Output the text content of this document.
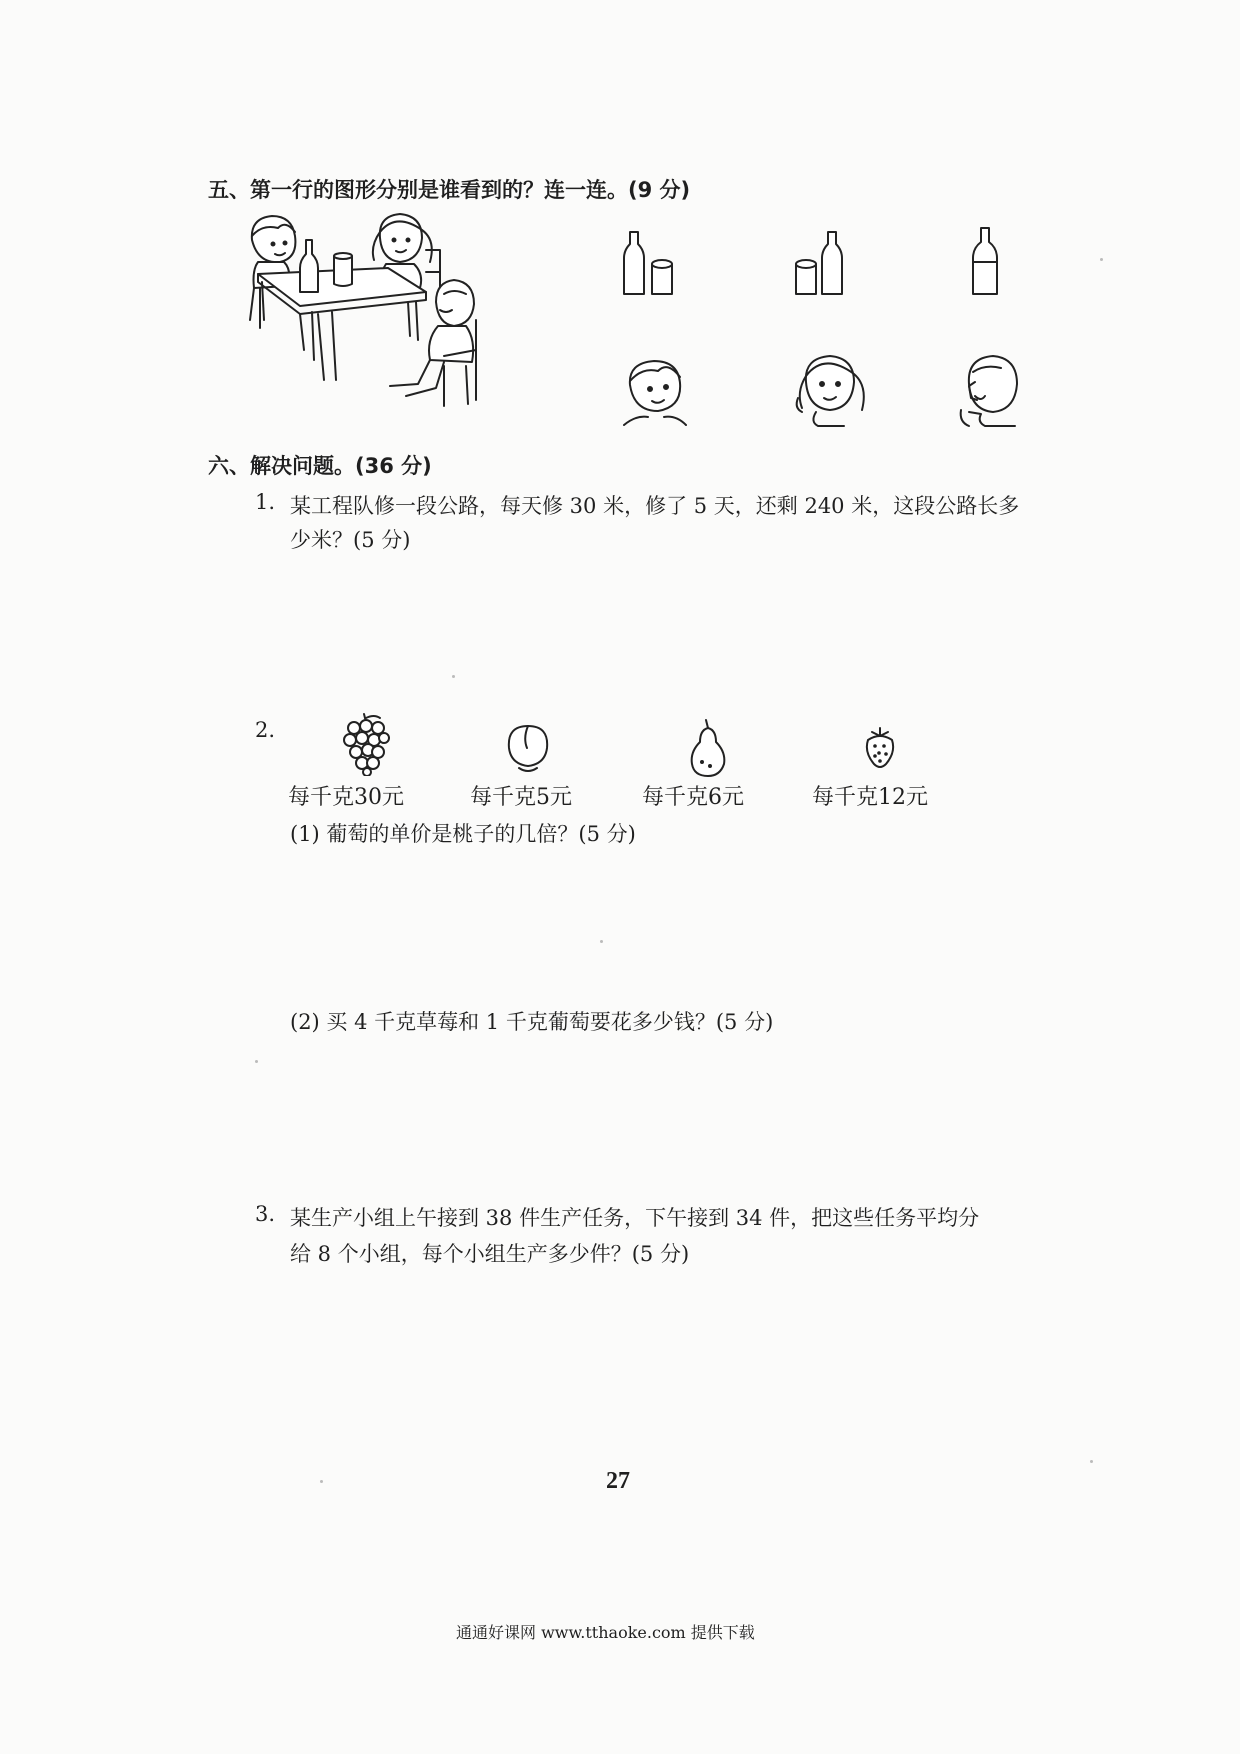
五、第一行的图形分别是谁看到的？连一连。(9 分)
六、解决问题。(36 分)
1. 某工程队修一段公路，每天修 30 米，修了 5 天，还剩 240 米，这段公路长多
少米？(5 分)
2.
每千克30元	每千克5元	每千克6元	每千克12元
(1) 葡萄的单价是桃子的几倍？(5 分)
(2) 买 4 千克草莓和 1 千克葡萄要花多少钱？(5 分)
3. 某生产小组上午接到 38 件生产任务，下午接到 34 件，把这些任务平均分
给 8 个小组，每个小组生产多少件？(5 分)
27
通通好课网 www.tthaoke.com 提供下载
